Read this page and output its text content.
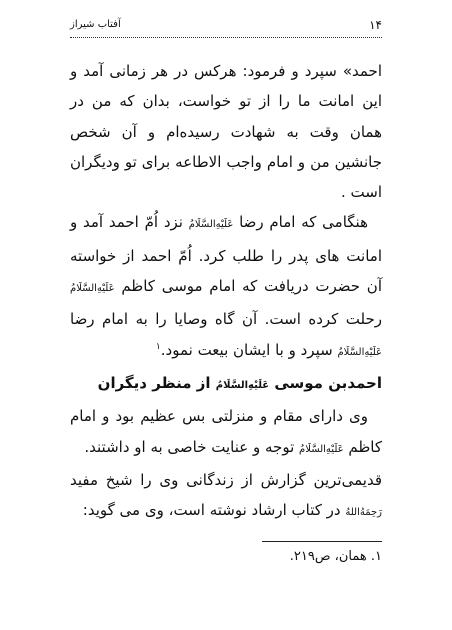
۱۴
آفتاب شیراز

احمد» سپرد و فرمود: هرکس در هر زمانی آمد و این امانت ما را از تو خواست، بدان که من در همان وقت به شهادت رسیده‌ام و آن شخص جانشین من و امام واجب الاطاعه برای تو ودیگران است .

هنگامی که امام رضا عَلَيْهِ‌السَّلَامُ نزد اُمّ احمد آمد و امانت های پدر را طلب کرد. اُمّ احمد از خواسته آن حضرت دریافت که امام موسی کاظم عَلَيْهِ‌السَّلَامُ رحلت کرده است. آن گاه وصایا را به امام رضا عَلَيْهِ‌السَّلَامُ سپرد و با ایشان بیعت نمود.$^۱$

احمدبن موسی عَلَيْهِ‌السَّلَامُ از منظر دیگران

وی دارای مقام و منزلتی بس عظیم بود و امام کاظم عَلَيْهِ‌السَّلَامُ توجه و عنایت خاصی به او داشتند.

قدیمی‌ترین گزارش از زندگانی وی را شیخ مفید رَحِمَهُ‌اللهُ در کتاب ارشاد نوشته است، وی می گوید:

۱. همان، ص۲۱۹.
